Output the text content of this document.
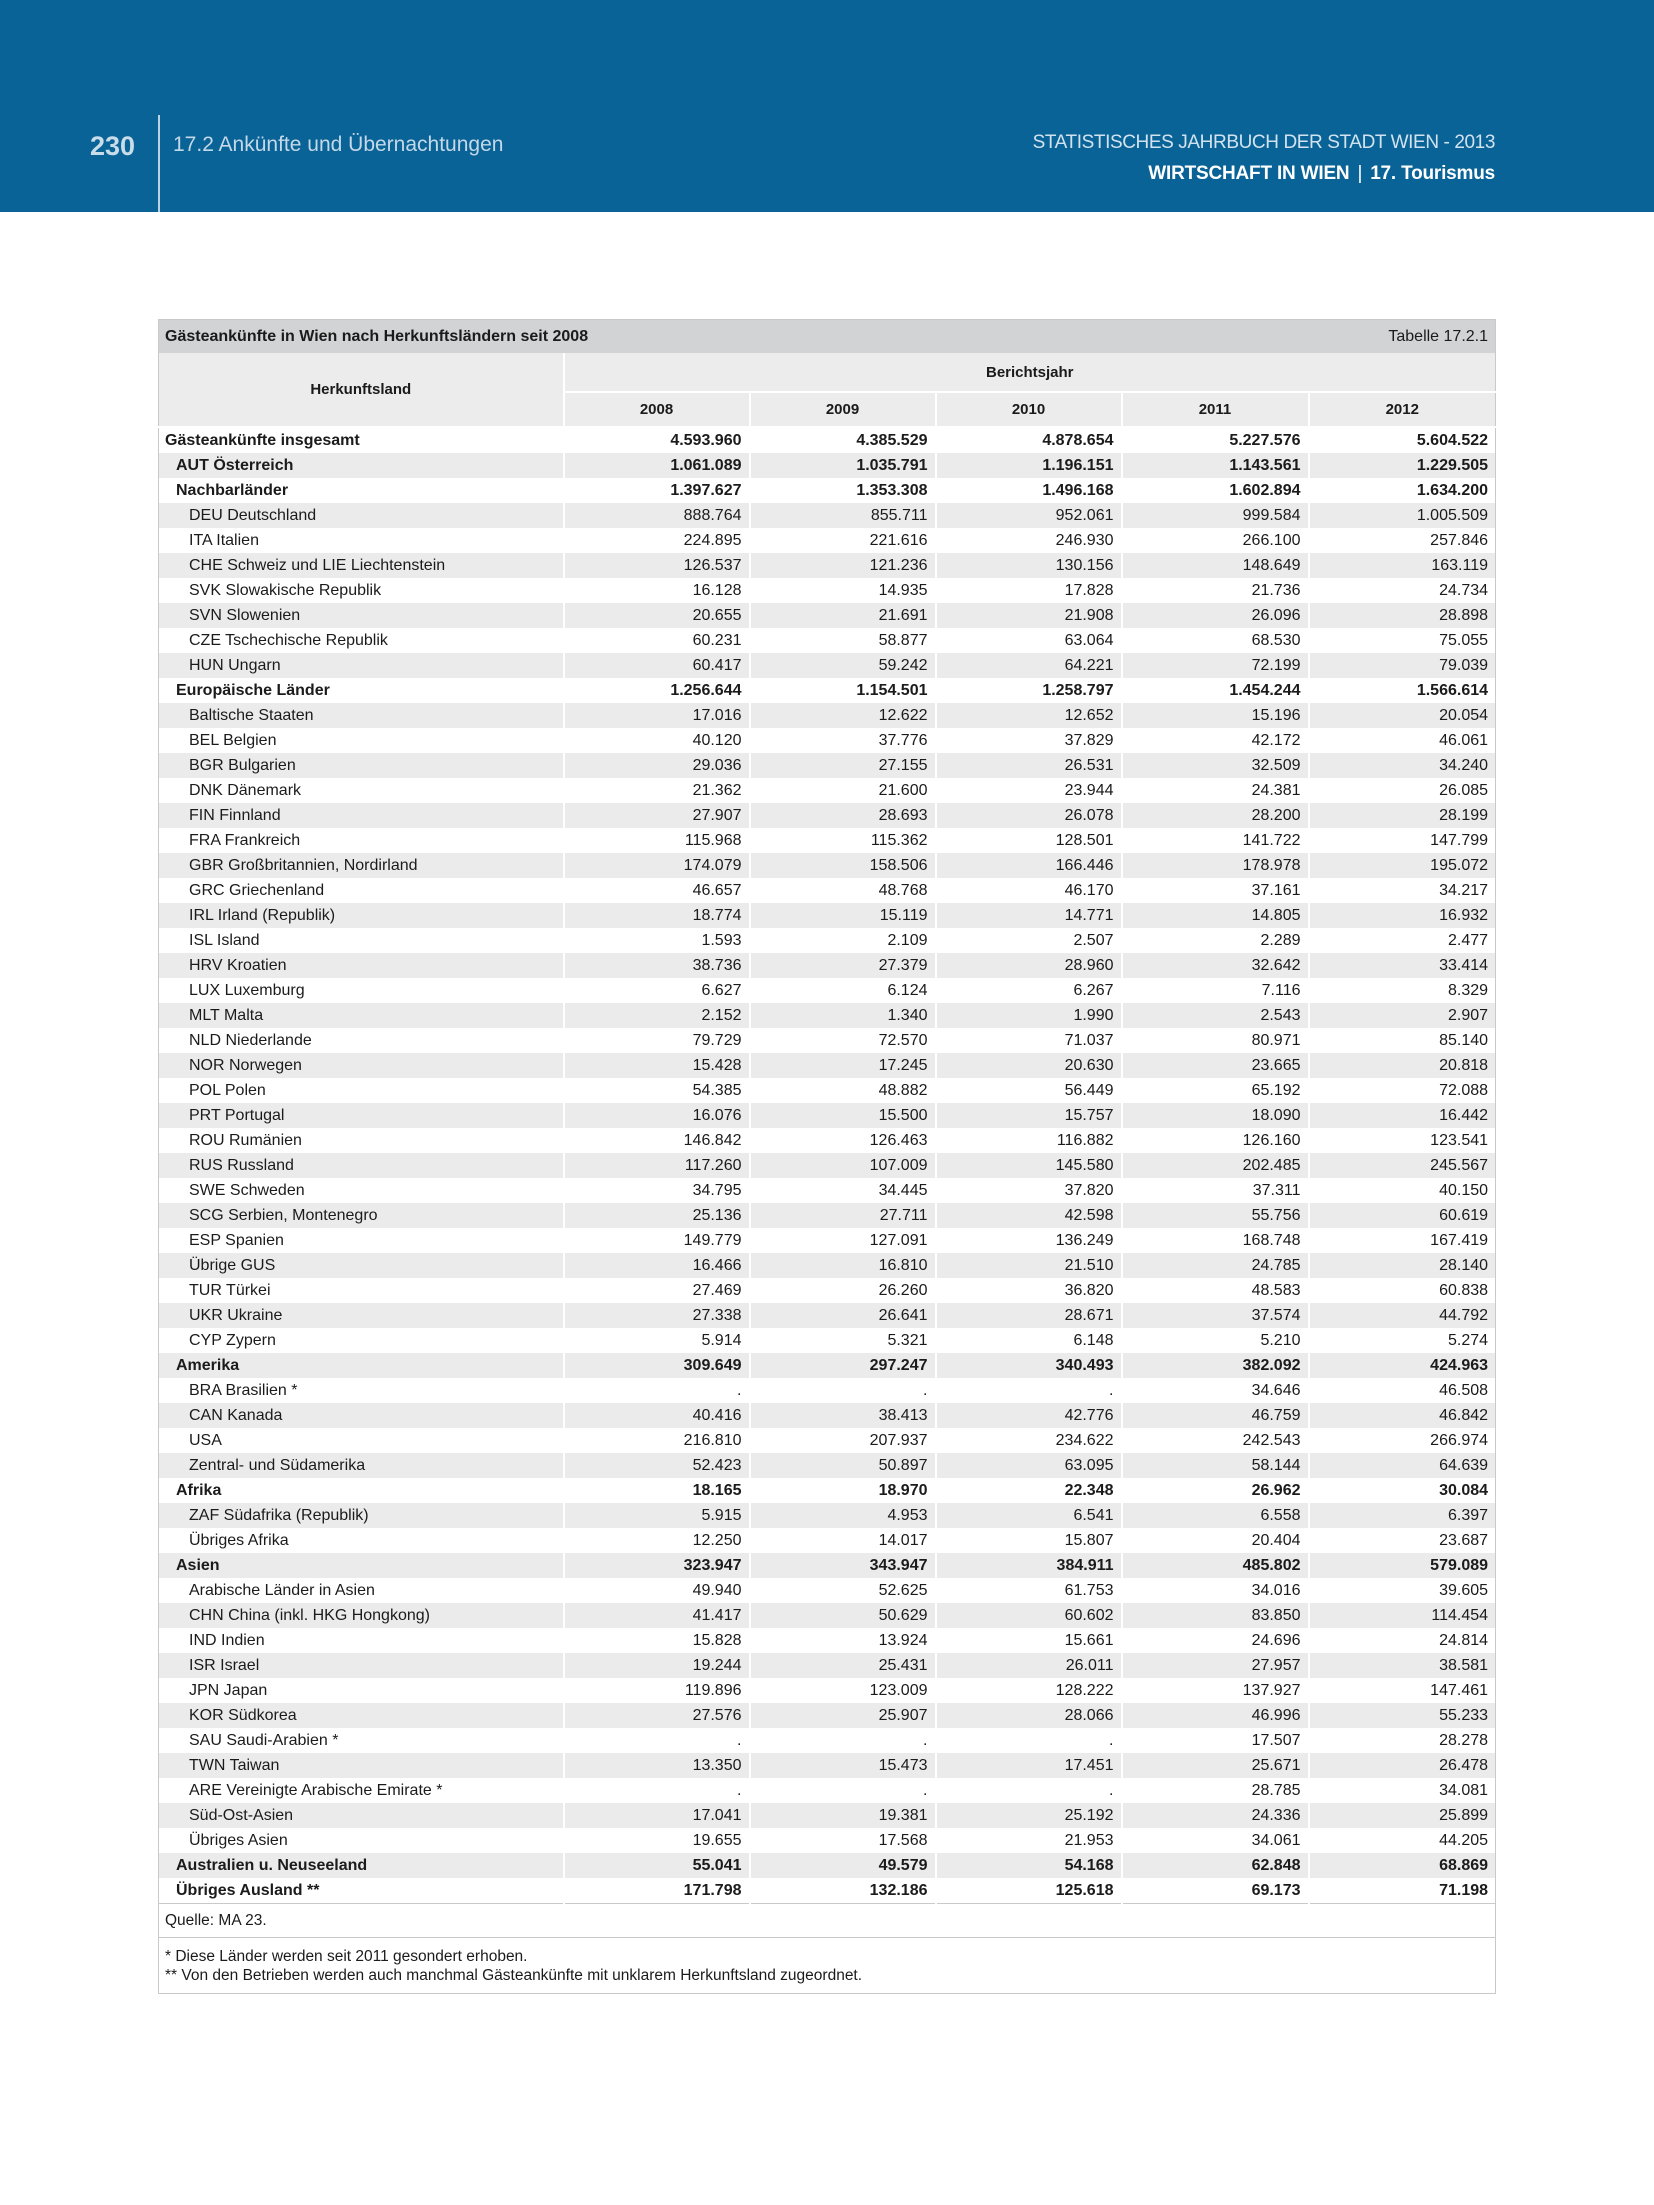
230 17.2 Ankünfte und Übernachtungen	STATISTISCHES JAHRBUCH DER STADT WIEN - 2013
WIRTSCHAFT IN WIEN | 17. Tourismus
Gästeankünfte in Wien nach Herkunftsländern seit 2008 Tabelle 17.2.1					

Herkunftsland	Berichtsjahr				
	2008	2009	2010	2011	2012
Gästeankünfte insgesamt	4.593.960	4.385.529	4.878.654	5.227.576	5.604.522
AUT Österreich	1.061.089	1.035.791	1.196.151	1.143.561	1.229.505
Nachbarländer	1.397.627	1.353.308	1.496.168	1.602.894	1.634.200
DEU Deutschland	888.764	855.711	952.061	999.584	1.005.509
ITA Italien	224.895	221.616	246.930	266.100	257.846
CHE Schweiz und LIE Liechtenstein	126.537	121.236	130.156	148.649	163.119
SVK Slowakische Republik	16.128	14.935	17.828	21.736	24.734
SVN Slowenien	20.655	21.691	21.908	26.096	28.898
CZE Tschechische Republik	60.231	58.877	63.064	68.530	75.055
HUN Ungarn	60.417	59.242	64.221	72.199	79.039
Europäische Länder	1.256.644	1.154.501	1.258.797	1.454.244	1.566.614
Baltische Staaten	17.016	12.622	12.652	15.196	20.054
BEL Belgien	40.120	37.776	37.829	42.172	46.061
BGR Bulgarien	29.036	27.155	26.531	32.509	34.240
DNK Dänemark	21.362	21.600	23.944	24.381	26.085
FIN Finnland	27.907	28.693	26.078	28.200	28.199
FRA Frankreich	115.968	115.362	128.501	141.722	147.799
GBR Großbritannien, Nordirland	174.079	158.506	166.446	178.978	195.072
GRC Griechenland	46.657	48.768	46.170	37.161	34.217
IRL Irland (Republik)	18.774	15.119	14.771	14.805	16.932
ISL Island	1.593	2.109	2.507	2.289	2.477
HRV Kroatien	38.736	27.379	28.960	32.642	33.414
LUX Luxemburg	6.627	6.124	6.267	7.116	8.329
MLT Malta	2.152	1.340	1.990	2.543	2.907
NLD Niederlande	79.729	72.570	71.037	80.971	85.140
NOR Norwegen	15.428	17.245	20.630	23.665	20.818
POL Polen	54.385	48.882	56.449	65.192	72.088
PRT Portugal	16.076	15.500	15.757	18.090	16.442
ROU Rumänien	146.842	126.463	116.882	126.160	123.541
RUS Russland	117.260	107.009	145.580	202.485	245.567
SWE Schweden	34.795	34.445	37.820	37.311	40.150
SCG Serbien, Montenegro	25.136	27.711	42.598	55.756	60.619
ESP Spanien	149.779	127.091	136.249	168.748	167.419
Übrige GUS	16.466	16.810	21.510	24.785	28.140
TUR Türkei	27.469	26.260	36.820	48.583	60.838
UKR Ukraine	27.338	26.641	28.671	37.574	44.792
CYP Zypern	5.914	5.321	6.148	5.210	5.274
Amerika	309.649	297.247	340.493	382.092	424.963
BRA Brasilien *	.	.	.	34.646	46.508
CAN Kanada	40.416	38.413	42.776	46.759	46.842
USA	216.810	207.937	234.622	242.543	266.974
Zentral- und Südamerika	52.423	50.897	63.095	58.144	64.639
Afrika	18.165	18.970	22.348	26.962	30.084
ZAF Südafrika (Republik)	5.915	4.953	6.541	6.558	6.397
Übriges Afrika	12.250	14.017	15.807	20.404	23.687
Asien	323.947	343.947	384.911	485.802	579.089
Arabische Länder in Asien	49.940	52.625	61.753	34.016	39.605
CHN China (inkl. HKG Hongkong)	41.417	50.629	60.602	83.850	114.454
IND Indien	15.828	13.924	15.661	24.696	24.814
ISR Israel	19.244	25.431	26.011	27.957	38.581
JPN Japan	119.896	123.009	128.222	137.927	147.461
KOR Südkorea	27.576	25.907	28.066	46.996	55.233
SAU Saudi-Arabien *	.	.	.	17.507	28.278
TWN Taiwan	13.350	15.473	17.451	25.671	26.478
ARE Vereinigte Arabische Emirate *	.	.	.	28.785	34.081
Süd-Ost-Asien	17.041	19.381	25.192	24.336	25.899
Übriges Asien	19.655	17.568	21.953	34.061	44.205
Australien u. Neuseeland	55.041	49.579	54.168	62.848	68.869
Übriges Ausland **	171.798	132.186	125.618	69.173	71.198
Quelle: MA 23.					

* Diese Länder werden seit 2011 gesondert erhoben.
** Von den Betrieben werden auch manchmal Gästeankünfte mit unklarem Herkunftsland zugeordnet.					
